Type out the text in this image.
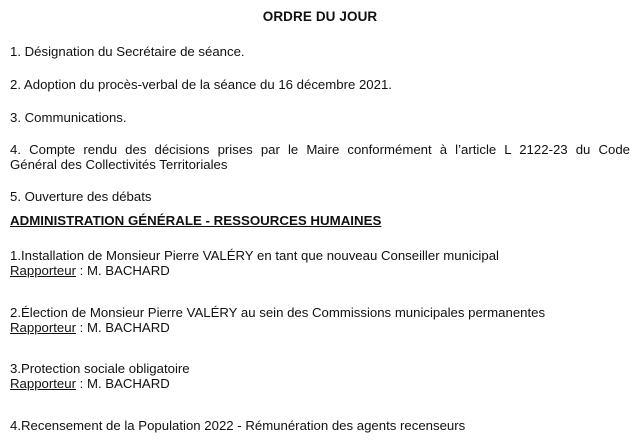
ORDRE DU JOUR
1. Désignation du Secrétaire de séance.
2. Adoption du procès-verbal de la séance du 16 décembre 2021.
3. Communications.
4. Compte rendu des décisions prises par le Maire conformément à l’article L 2122-23 du Code
Général des Collectivités Territoriales
5. Ouverture des débats
ADMINISTRATION GÉNÉRALE - RESSOURCES HUMAINES
1.Installation de Monsieur Pierre VALÉRY en tant que nouveau Conseiller municipal
Rapporteur : M. BACHARD
2.Élection de Monsieur Pierre VALÉRY au sein des Commissions municipales permanentes
Rapporteur : M. BACHARD
3.Protection sociale obligatoire
Rapporteur : M. BACHARD
4.Recensement de la Population 2022 - Rémunération des agents recenseurs
